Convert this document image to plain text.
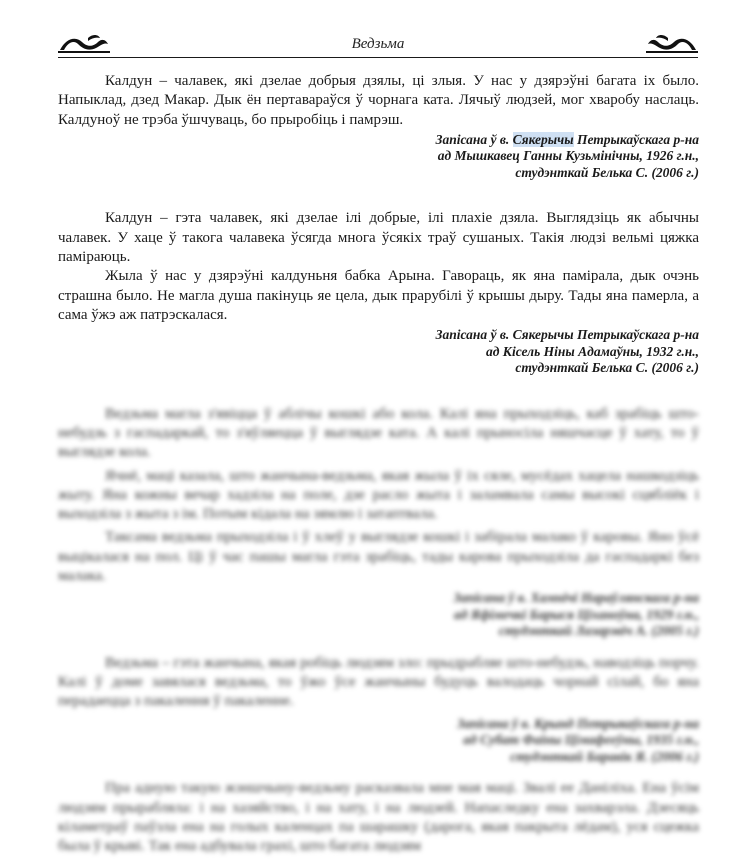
Ведзьма

Калдун – чалавек, які дзелае добрыя дзялы, ці злыя. У нас у дзярэўні багата іх было. Напыклад, дзед Макар. Дык ён пертавараўся ў чорнага ката. Лячыў людзей, мог хваробу наслаць. Калдуноў не трэба ўшчуваць, бо прыробіць і памрэш.

Запісана ў в. Сякерычы Петрыкаўскага р-на
ад Мышкавец Ганны Кузьмінічны, 1926 г.н.,
студэнткай Белька С. (2006 г.)

Калдун – гэта чалавек, які дзелае ілі добрые, ілі плахіе дзяла. Выглядзіць як абычны чалавек. У хаце ў такога чалавека ўсягда многа ўсякіх траў сушаных. Такія людзі вельмі цяжка паміраюць.

Жыла ў нас у дзярэўні калдуньня бабка Арына. Гавораць, як яна памірала, дык очэнь страшна было. Не магла душа пакінуць яе цела, дык прарубілі ў крышы дыру. Тады яна памерла, а сама ўжэ аж патрэскалася.

Запісана ў в. Сякерычы Петрыкаўскага р-на
ад Кісель Ніны Адамаўны, 1932 г.н.,
студэнткай Белька С. (2006 г.)

Ведзьма магла з'явіцца ў аблічы кошкі або кола. Калі яна прыходзіць, каб зрабіць што-небудзь з гаспадаркай, то з'яўляецца ў выглядзе ката. А калі прыносіла няшчасце ў хату, то ў выглядзе кола.

Ячнё, мацi казала, што жанчына-ведзьма, якая жыла ў іх сяле, мусёдах хацела нашкодзіць жыту. Яна кожны вечар хадзіла на поле, дзе расло жыта і заламвала самы высокі сцябліёк і выходзіла з жыта з ім. Потым кідала на зямлю і затаптвала.

Таксама ведзьма прыходзіла і ў хлеў у выглядзе кошкі і забірала малако ў каровы. Яно ўсё выцiкалася на пол. Ці ў час пашы магла гэта зрабіць, тады карова прыходзіла да гаспадаркі без малака.

Запісана ў в. Хамнічі Нараўлянскага р-на
ад Яфімечкі Барыся Цiханоўна, 1929 г.н.,
студэнткай Лазарэвіч А. (2005 г.)

Ведзьма – гэта жанчына, якая робіць людзям зло: прыдрабляе што-небудзь, наводзіць порчу. Калі ў доме завялася ведзьма, то ўжо ўсе жанчыны будуць валодаць чорнай сілай, бо яна перадаецца з пакалення ў пакаленне.

Запісана ў в. Крынд Петрыкаўскага р-на
ад Субат Фаіны Цiмафееўны, 1935 г.н.,
студэнткай Баравік Я. (2006 г.)

Пра адную такую жэншчыну-ведзьму расказвала мне мая маці. Звалі ее Даніліха. Ена ўсім людзям прырабляла: і на хазяйство, і на хату, і на людзей. Напаследку ена захварэла. Дзесяць кіламетраў паўзла ена на голых каленцах па шарашку (дарога, якая пакрыта лёдам), уся сцежка была ў крыві. Так ена адбувала грахі, што багата людзям
